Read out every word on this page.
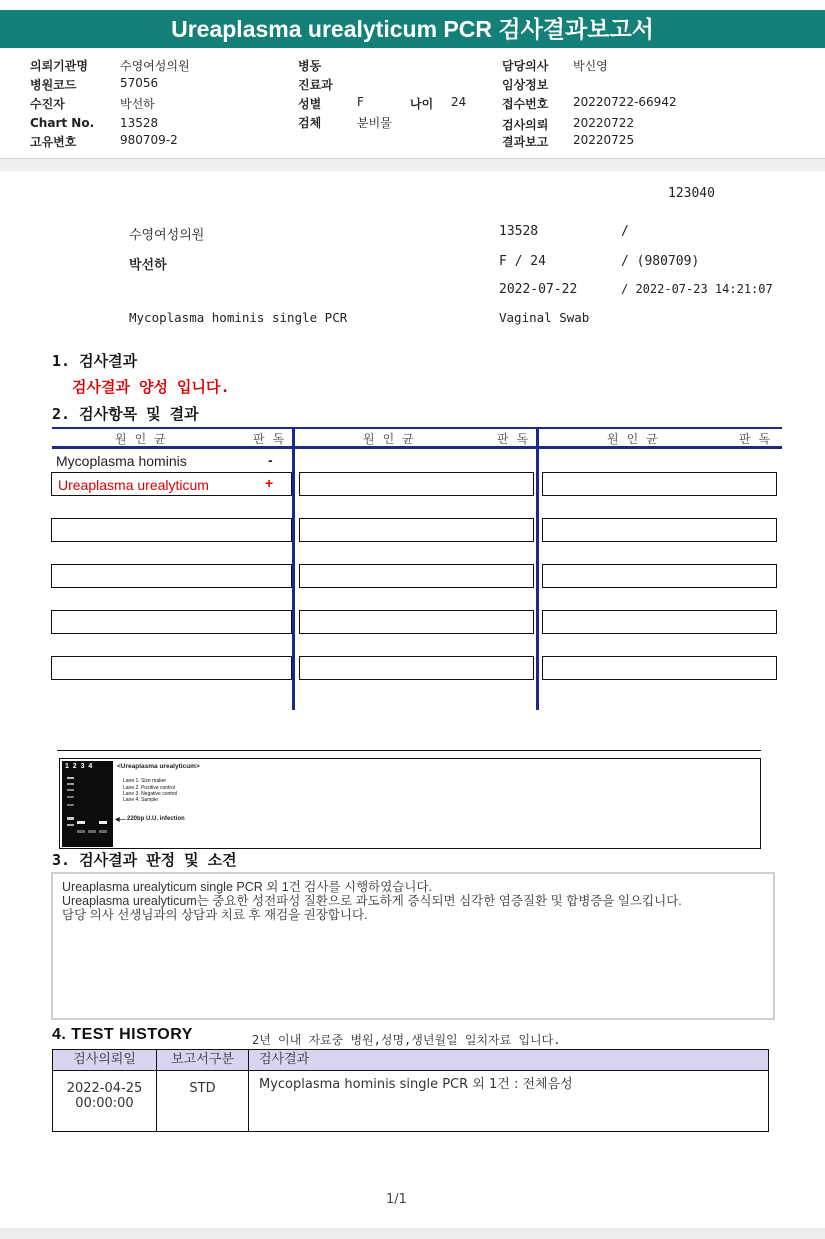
Ureaplasma urealyticum PCR 검사결과보고서
의뢰기관명	수영여성의원
병원코드	57056
수진자	박선하
Chart No. 13528
고유변호	980709-2
병동
진료과
성별	F	나이 24
검체	분비물
담당의사 박신영
임상정보
접수번호 20220722-66942
검사의뢰 20220722
결과보고 20220725
123040
수영여성의원	13528	/
박선하	F / 24	/ (980709)
2022-07-22	/ 2022-07-23 14:21:07
Mycoplasma hominis single PCR	Vaginal Swab
1. 검사결과
검사결과 양성 입니다.
2. 검사항목 및 결과
원인균	판독	원인균	판독	원인균	판독
Mycoplasma hominis	-
Ureaplasma urealyticum	+
1  2  3  4	<Ureaplasma urealyticum>
Lane 1. Size maker
Lane 2. Positive control
Lane 3. Negative control
Lane 4. Sample
◀— 220bp U.U. infection
3. 검사결과 판정 및 소견
Ureaplasma urealyticum single PCR 외 1건 검사를 시행하였습니다.
Ureaplasma urealyticum는 중요한 성전파성 질환으로 과도하게 증식되면 심각한 염증질환 및 합병증을 일으킵니다.
담당 의사 선생님과의 상담과 치료 후 재검을 권장합니다.
4. TEST HISTORY	2년 이내 자료중 병원,성명,생년월일 일치자료 입니다.
검사의뢰일	보고서구분	검사결과
2022-04-25
00:00:00
STD	Mycoplasma hominis single PCR 외 1건 : 전체음성
1/1
